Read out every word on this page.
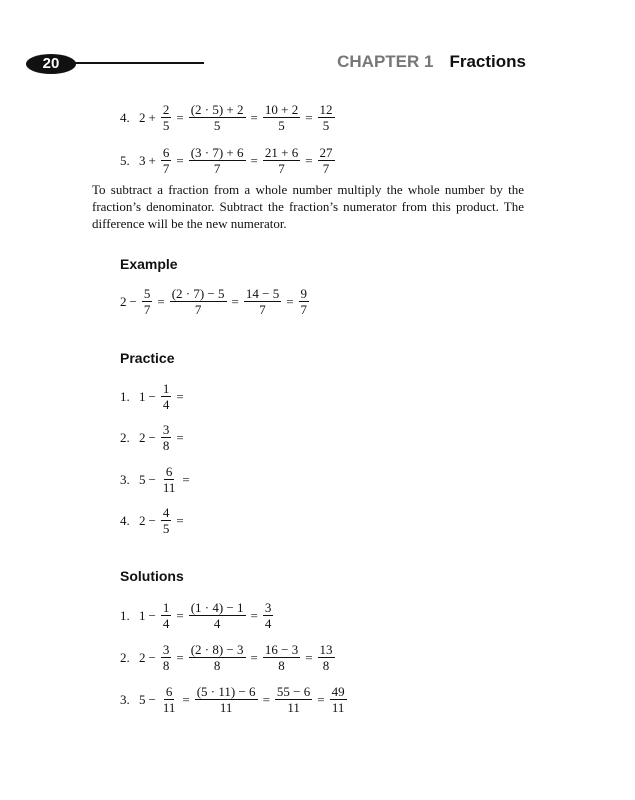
20	CHAPTER 1 Fractions
4. $2 + \frac{2}{5} = \frac{(2 \cdot 5) + 2}{5} = \frac{10 + 2}{5} = \frac{12}{5}$
5. $3 + \frac{6}{7} = \frac{(3 \cdot 7) + 6}{7} = \frac{21 + 6}{7} = \frac{27}{7}$
To subtract a fraction from a whole number multiply the whole number by the fraction’s denominator. Subtract the fraction’s numerator from this product. The difference will be the new numerator.
Example
$2 - \frac{5}{7} = \frac{(2 \cdot 7) - 5}{7} = \frac{14 - 5}{7} = \frac{9}{7}$
Practice
1. $1 - \frac{1}{4}$ =
2. $2 - \frac{3}{8}$ =
3. $5 - \frac{6}{11}$ =
4. $2 - \frac{4}{5}$ =
Solutions
1. $1 - \frac{1}{4} = \frac{(1 \cdot 4) - 1}{4} = \frac{3}{4}$
2. $2 - \frac{3}{8} = \frac{(2 \cdot 8) - 3}{8} = \frac{16 - 3}{8} = \frac{13}{8}$
3. $5 - \frac{6}{11} = \frac{(5 \cdot 11) - 6}{11} = \frac{55 - 6}{11} = \frac{49}{11}$
